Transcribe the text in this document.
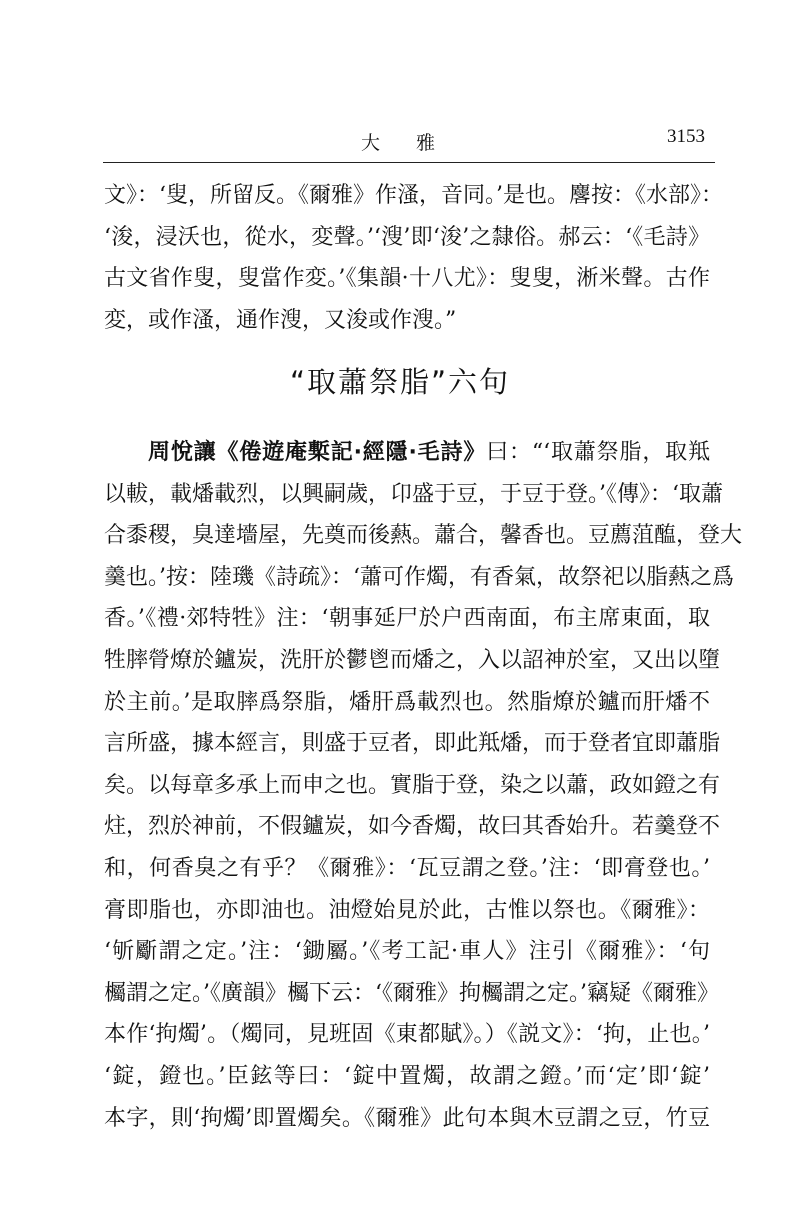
大雅	3153
文》：‘叟，所留反。《爾雅》作溞，音同。’是也。麐按：《水部》：
‘浚，浸沃也，從水，変聲。’‘溲’即‘浚’之隸俗。郝云：‘《毛詩》
古文省作叟，叟當作変。’《集韻·十八尤》：叟叟，淅米聲。古作
変，或作溞，通作溲，又浚或作溲。”
“取蕭祭脂”六句
周悅讓《倦遊庵槧記·經隱·毛詩》曰：“‘取蕭祭脂，取羝
以軷，載燔載烈，以興嗣歲，卬盛于豆，于豆于登。’《傳》：‘取蕭
合黍稷，臭達墻屋，先奠而後爇。蕭合，馨香也。豆薦菹醢，登大
羹也。’按：陸璣《詩疏》：‘蕭可作燭，有香氣，故祭祀以脂爇之爲
香。’《禮·郊特牲》注：‘朝事延尸於户西南面，布主席東面，取
牲膟膋燎於鑪炭，洗肝於鬱鬯而燔之，入以詔神於室，又出以墮
於主前。’是取膟爲祭脂，燔肝爲載烈也。然脂燎於鑪而肝燔不
言所盛，據本經言，則盛于豆者，即此羝燔，而于登者宜即蕭脂
矣。以每章多承上而申之也。實脂于登，染之以蕭，政如鐙之有
炷，烈於神前，不假鑪炭，如今香燭，故曰其香始升。若羹登不
和，何香臭之有乎？《爾雅》：‘瓦豆謂之登。’注：‘即膏登也。’
膏即脂也，亦即油也。油燈始見於此，古惟以祭也。《爾雅》：
‘斪斸謂之定。’注：‘鋤屬。’《考工記·車人》注引《爾雅》：‘句
欘謂之定。’《廣韻》欘下云：‘《爾雅》拘欘謂之定。’竊疑《爾雅》
本作‘拘燭’。（燭同，見班固《東都賦》。）《説文》：‘拘，止也。’
‘錠，鐙也。’臣鉉等曰：‘錠中置燭，故謂之鐙。’而‘定’即‘錠’
本字，則‘拘燭’即置燭矣。《爾雅》此句本與木豆謂之豆，竹豆
